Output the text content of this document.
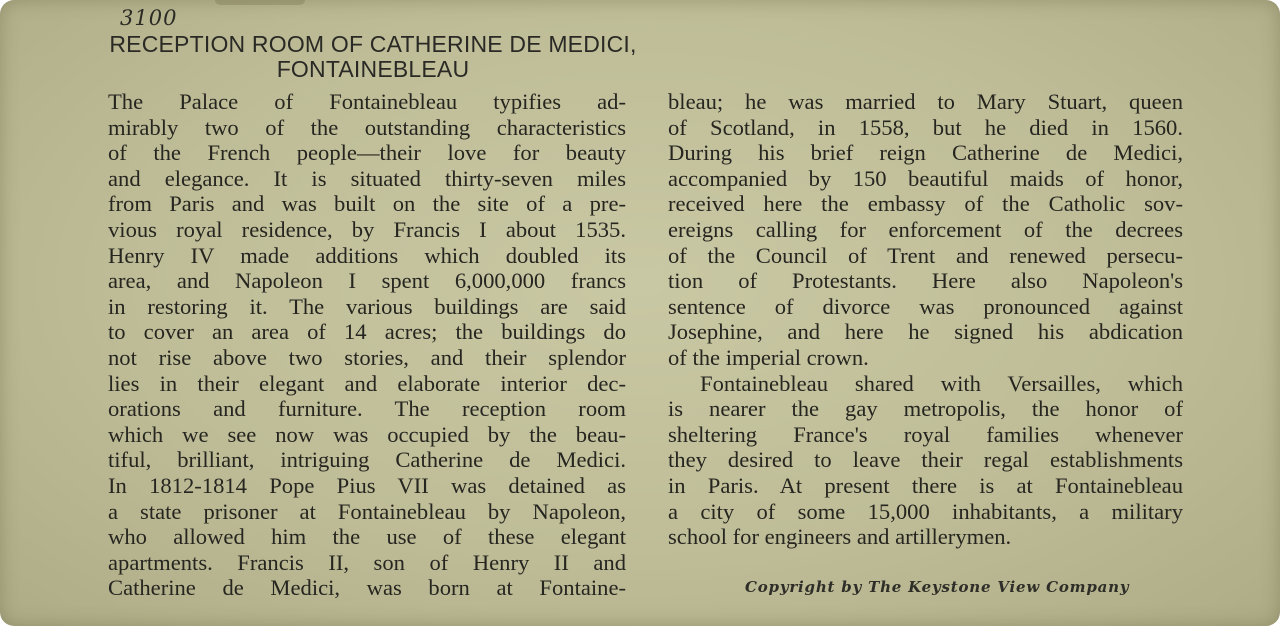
3100
RECEPTION ROOM OF CATHERINE DE MEDICI, FONTAINEBLEAU
The Palace of Fontainebleau typifies ad-
mirably two of the outstanding characteristics
of the French people—their love for beauty
and elegance. It is situated thirty-seven miles
from Paris and was built on the site of a pre-
vious royal residence, by Francis I about 1535.
Henry IV made additions which doubled its
area, and Napoleon I spent 6,000,000 francs
in restoring it. The various buildings are said
to cover an area of 14 acres; the buildings do
not rise above two stories, and their splendor
lies in their elegant and elaborate interior dec-
orations and furniture. The reception room
which we see now was occupied by the beau-
tiful, brilliant, intriguing Catherine de Medici.
In 1812-1814 Pope Pius VII was detained as
a state prisoner at Fontainebleau by Napoleon,
who allowed him the use of these elegant
apartments. Francis II, son of Henry II and
Catherine de Medici, was born at Fontaine-
bleau; he was married to Mary Stuart, queen
of Scotland, in 1558, but he died in 1560.
During his brief reign Catherine de Medici,
accompanied by 150 beautiful maids of honor,
received here the embassy of the Catholic sov-
ereigns calling for enforcement of the decrees
of the Council of Trent and renewed persecu-
tion of Protestants. Here also Napoleon's
sentence of divorce was pronounced against
Josephine, and here he signed his abdication
of the imperial crown.
Fontainebleau shared with Versailles, which
is nearer the gay metropolis, the honor of
sheltering France's royal families whenever
they desired to leave their regal establishments
in Paris. At present there is at Fontainebleau
a city of some 15,000 inhabitants, a military
school for engineers and artillerymen.
Copyright by The Keystone View Company
